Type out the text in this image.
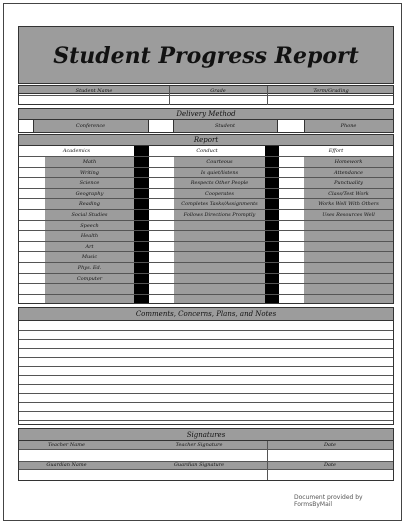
Student Progress Report
Student Name	Grade	Term/Grading
Delivery Method
Conference	Student	Phone
Report
Academics	Conduct	Effort
Math	Courteous	Homework
Writing	Is quiet/listens	Attendance
Science	Respects Other People	Punctuality
Geography	Cooperates	Class/Test Work
Reading	Completes Tasks/Assignments	Works Well With Others
Social Studies	Follows Directions Promptly	Uses Resources Well
Speech
Health
Art
Music
Phys. Ed.
Computer
Comments, Concerns, Plans, and Notes
Signatures
Teacher Name	Teacher Signature	Date
Guardian Name	Guardian Signature	Date
Document provided by FormsByMail
